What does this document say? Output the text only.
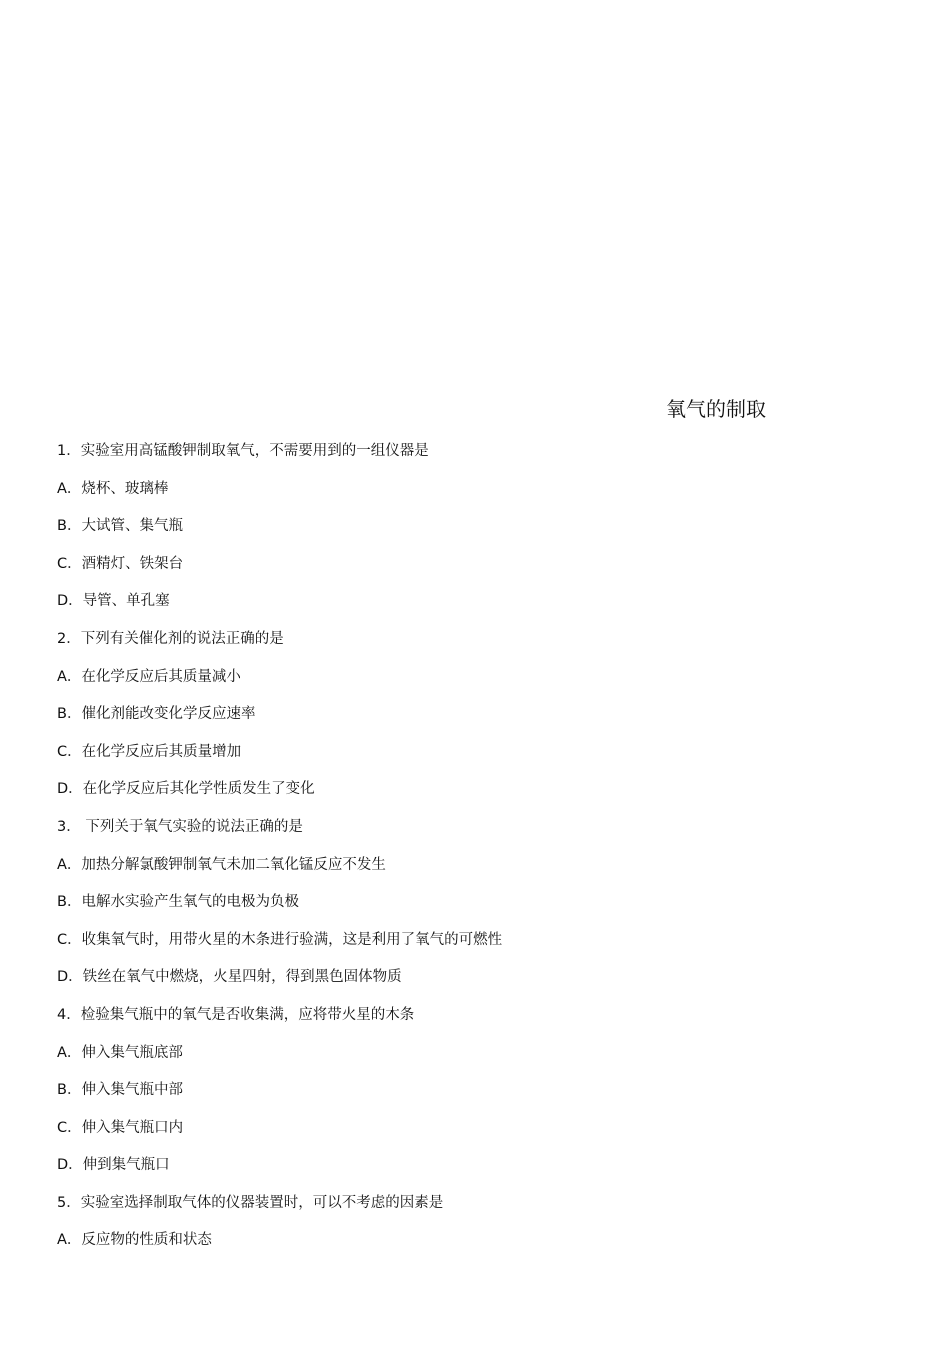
氧气的制取
1．实验室用高锰酸钾制取氧气，不需要用到的一组仪器是
A．烧杯、玻璃棒
B．大试管、集气瓶
C．酒精灯、铁架台
D．导管、单孔塞
2．下列有关催化剂的说法正确的是
A．在化学反应后其质量减小
B．催化剂能改变化学反应速率
C．在化学反应后其质量增加
D．在化学反应后其化学性质发生了变化
3． 下列关于氧气实验的说法正确的是
A．加热分解氯酸钾制氧气未加二氧化锰反应不发生
B．电解水实验产生氧气的电极为负极
C．收集氧气时，用带火星的木条进行验满，这是利用了氧气的可燃性
D．铁丝在氧气中燃烧，火星四射，得到黑色固体物质
4．检验集气瓶中的氧气是否收集满，应将带火星的木条
A．伸入集气瓶底部
B．伸入集气瓶中部
C．伸入集气瓶口内
D．伸到集气瓶口
5．实验室选择制取气体的仪器装置时，可以不考虑的因素是
A．反应物的性质和状态
